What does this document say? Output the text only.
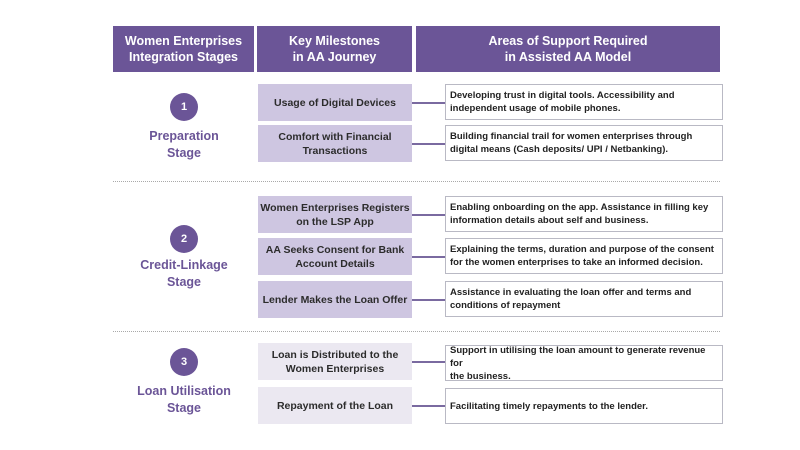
Women Enterprises
Integration Stages
Key Milestones
in AA Journey
Areas of Support Required
in Assisted AA Model
1
Preparation
Stage
Usage of Digital Devices
Developing trust in digital tools. Accessibility and
independent usage of mobile phones.
Comfort with Financial
Transactions
Building financial trail for women enterprises through
digital means (Cash deposits/ UPI / Netbanking).
2
Credit-Linkage
Stage
Women Enterprises Registers
on the LSP App
Enabling onboarding on the app. Assistance in filling key
information details about self and business.
AA Seeks Consent for Bank
Account Details
Explaining the terms, duration and purpose of the consent
for the women enterprises to take an informed decision.
Lender Makes the Loan Offer
Assistance in evaluating the loan offer and terms and
conditions of repayment
3
Loan Utilisation
Stage
Loan is Distributed to the
Women Enterprises
Support in utilising the loan amount to generate revenue for
the business.
Repayment of the Loan	Facilitating timely repayments to the lender.
